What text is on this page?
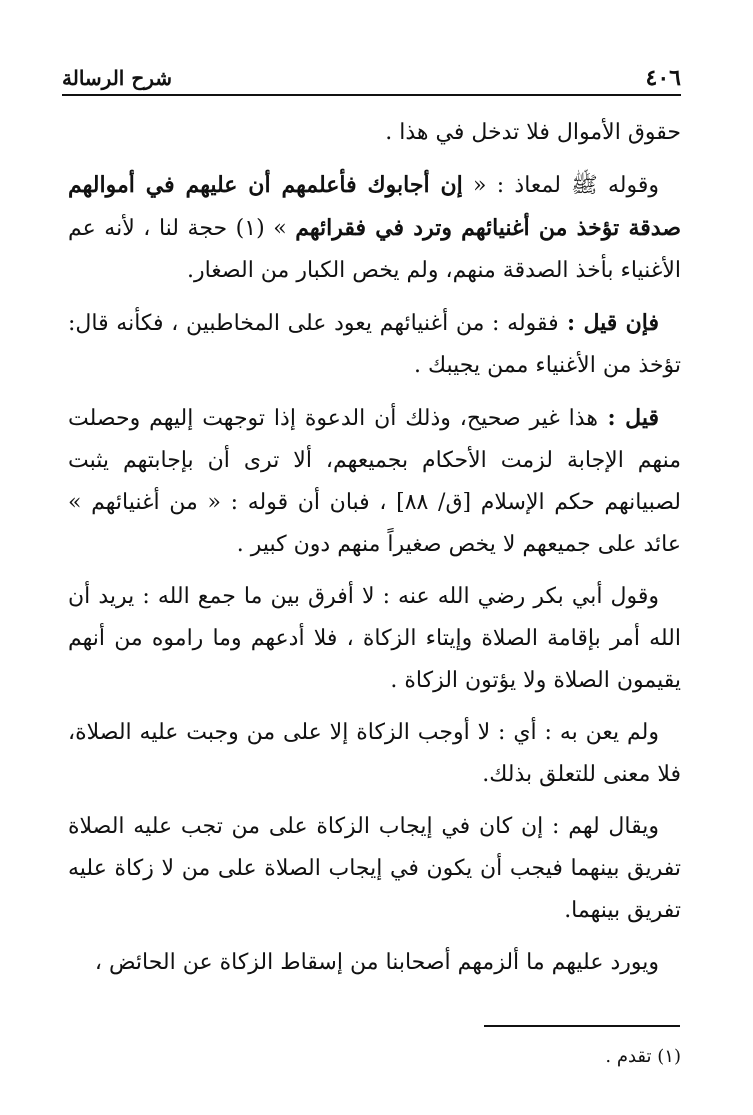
٤٠٦
شرح الرسالة

حقوق الأموال فلا تدخل في هذا .

وقوله ﷺ لمعاذ : « إن أجابوك فأعلمهم أن عليهم في أموالهم صدقة تؤخذ من أغنيائهم وترد في فقرائهم » (١) حجة لنا ، لأنه عم الأغنياء بأخذ الصدقة منهم، ولم يخص الكبار من الصغار.

فإن قيل : فقوله : من أغنيائهم يعود على المخاطبين ، فكأنه قال: تؤخذ من الأغنياء ممن يجيبك .

قيل : هذا غير صحيح، وذلك أن الدعوة إذا توجهت إليهم وحصلت منهم الإجابة لزمت الأحكام بجميعهم، ألا ترى أن بإجابتهم يثبت لصبيانهم حكم الإسلام [ق/ ٨٨] ، فبان أن قوله : « من أغنيائهم » عائد على جميعهم لا يخص صغيراً منهم دون كبير .

وقول أبي بكر رضي الله عنه : لا أفرق بين ما جمع الله : يريد أن الله أمر بإقامة الصلاة وإيتاء الزكاة ، فلا أدعهم وما راموه من أنهم يقيمون الصلاة ولا يؤتون الزكاة .

ولم يعن به : أي : لا أوجب الزكاة إلا على من وجبت عليه الصلاة، فلا معنى للتعلق بذلك.

ويقال لهم : إن كان في إيجاب الزكاة على من تجب عليه الصلاة تفريق بينهما فيجب أن يكون في إيجاب الصلاة على من لا زكاة عليه تفريق بينهما.

ويورد عليهم ما ألزمهم أصحابنا من إسقاط الزكاة عن الحائض ،

(١) تقدم .
